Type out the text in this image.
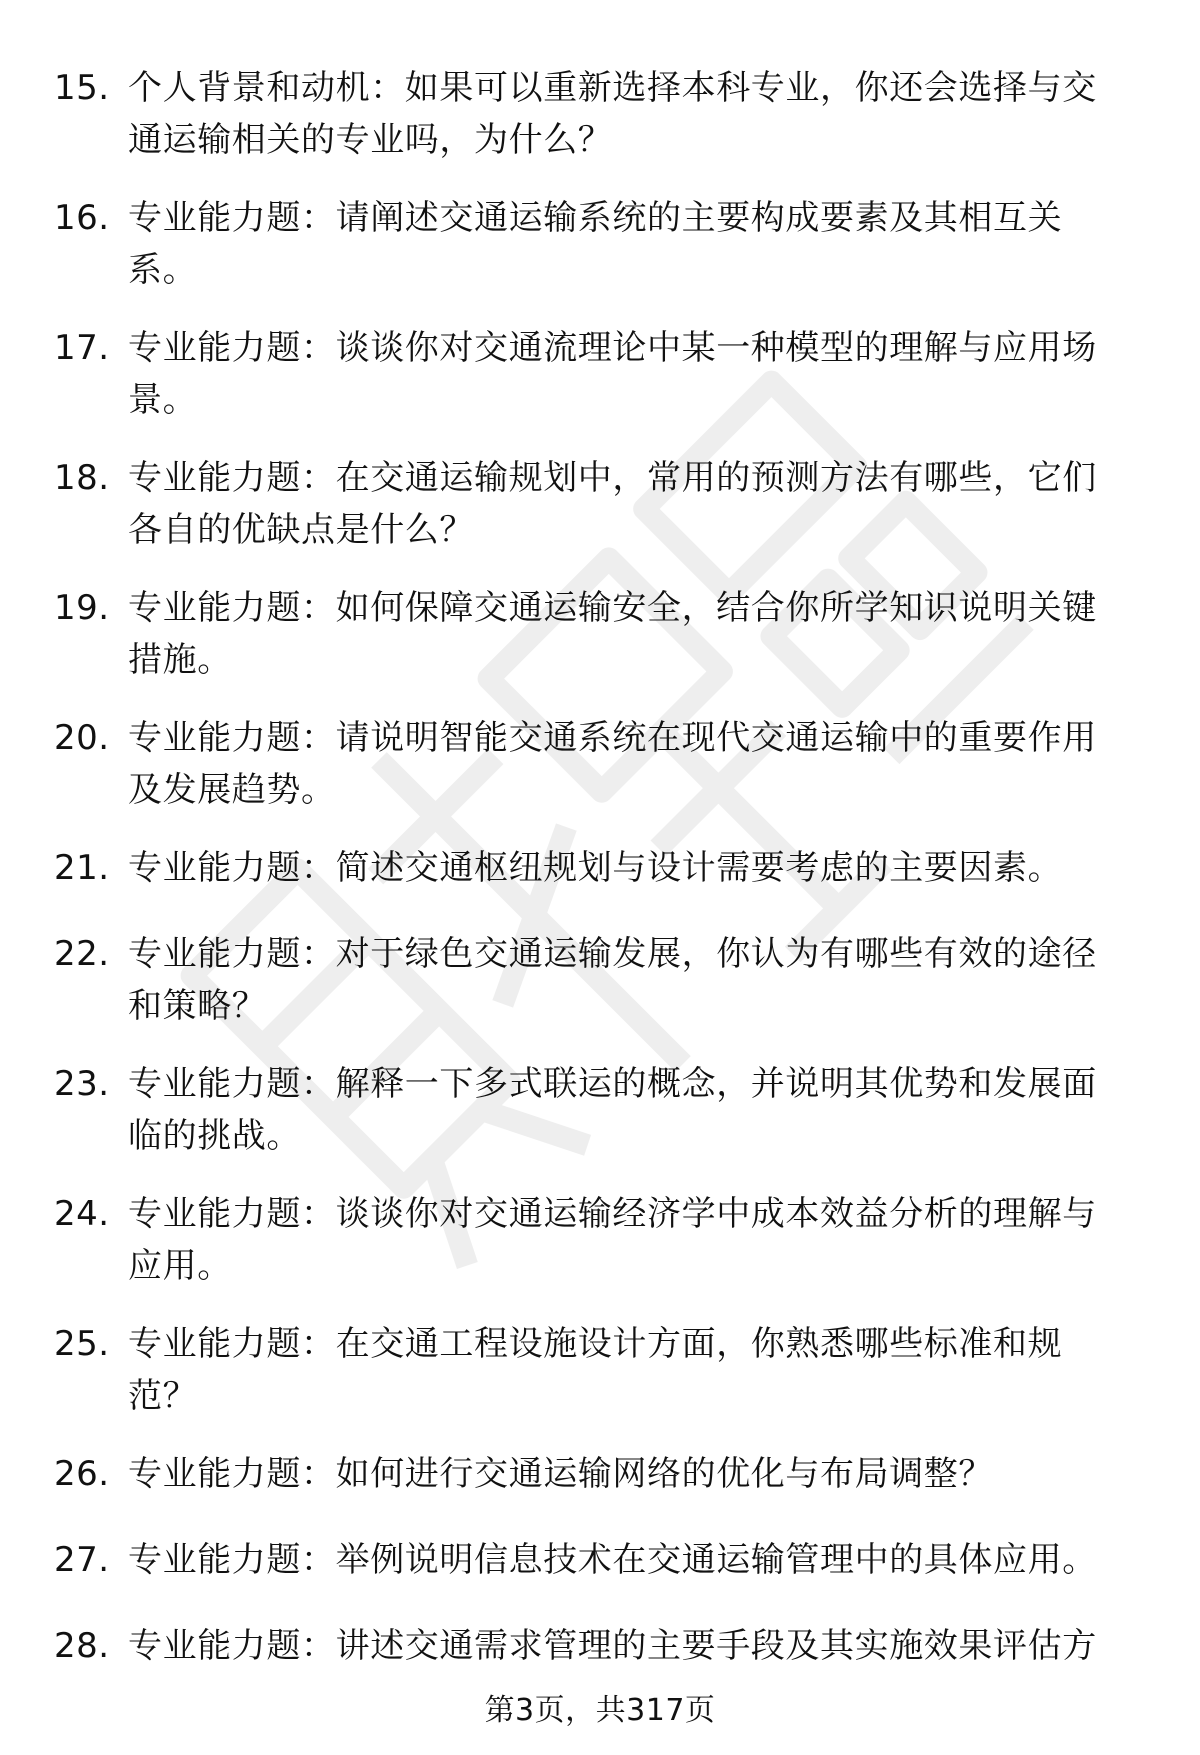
15. 个人背景和动机：如果可以重新选择本科专业，你还会选择与交
通运输相关的专业吗，为什么？
16. 专业能力题：请阐述交通运输系统的主要构成要素及其相互关
系。
17. 专业能力题：谈谈你对交通流理论中某一种模型的理解与应用场
景。
18. 专业能力题：在交通运输规划中，常用的预测方法有哪些，它们
各自的优缺点是什么？
19. 专业能力题：如何保障交通运输安全，结合你所学知识说明关键
措施。
20. 专业能力题：请说明智能交通系统在现代交通运输中的重要作用
及发展趋势。
21. 专业能力题：简述交通枢纽规划与设计需要考虑的主要因素。
22. 专业能力题：对于绿色交通运输发展，你认为有哪些有效的途径
和策略？
23. 专业能力题：解释一下多式联运的概念，并说明其优势和发展面
临的挑战。
24. 专业能力题：谈谈你对交通运输经济学中成本效益分析的理解与
应用。
25. 专业能力题：在交通工程设施设计方面，你熟悉哪些标准和规
范？
26. 专业能力题：如何进行交通运输网络的优化与布局调整？
27. 专业能力题：举例说明信息技术在交通运输管理中的具体应用。
28. 专业能力题：讲述交通需求管理的主要手段及其实施效果评估方
第3页，共317页
